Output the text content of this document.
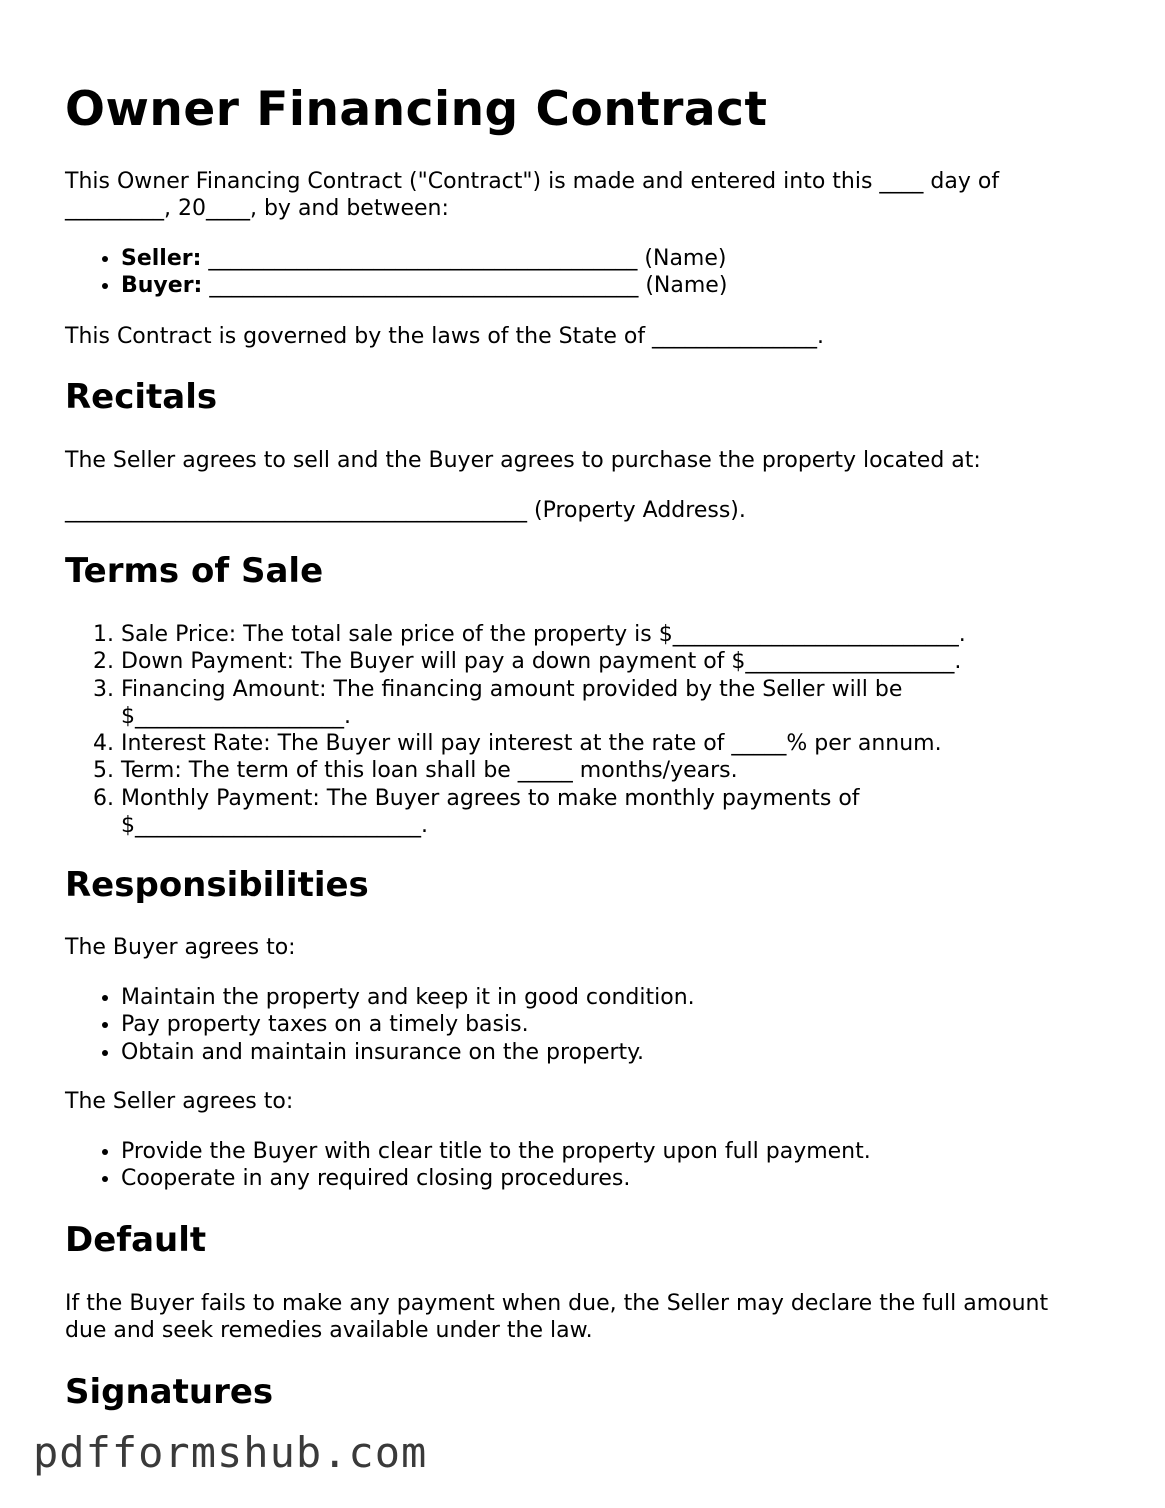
Owner Financing Contract

This Owner Financing Contract ("Contract") is made and entered into this ____ day of _________, 20____, by and between:

• Seller: _______________________________________ (Name)
• Buyer: _______________________________________ (Name)

This Contract is governed by the laws of the State of _______________.

Recitals

The Seller agrees to sell and the Buyer agrees to purchase the property located at:

__________________________________________ (Property Address).

Terms of Sale
1. Sale Price: The total sale price of the property is $__________________________.
2. Down Payment: The Buyer will pay a down payment of $___________________.
3. Financing Amount: The financing amount provided by the Seller will be $___________________.
4. Interest Rate: The Buyer will pay interest at the rate of _____% per annum.
5. Term: The term of this loan shall be _____ months/years.
6. Monthly Payment: The Buyer agrees to make monthly payments of $__________________________.
Responsibilities

The Buyer agrees to:

• Maintain the property and keep it in good condition.
• Pay property taxes on a timely basis.
• Obtain and maintain insurance on the property.

The Seller agrees to:

• Provide the Buyer with clear title to the property upon full payment.
• Cooperate in any required closing procedures.
Default

If the Buyer fails to make any payment when due, the Seller may declare the full amount due and seek remedies available under the law.

Signatures
pdfformshub.com
